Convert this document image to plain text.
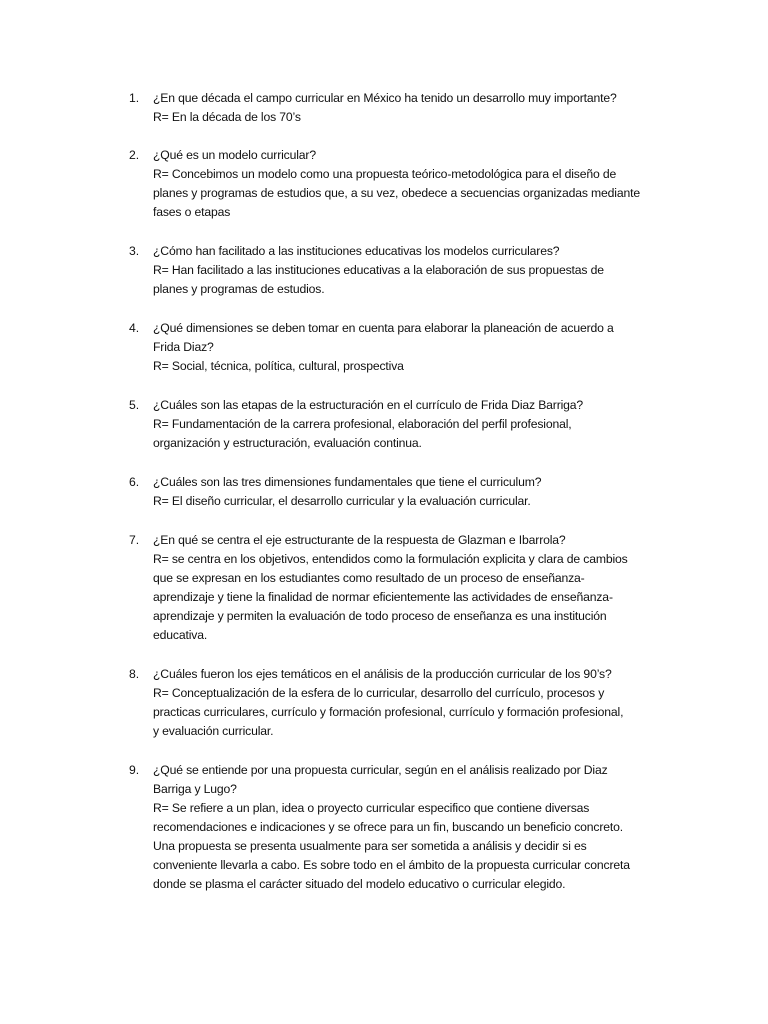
1.	¿En que década el campo curricular en México ha tenido un desarrollo muy importante?
R= En la década de los 70’s
2.	¿Qué es un modelo curricular?
R= Concebimos un modelo como una propuesta teórico-metodológica para el diseño de
planes y programas de estudios que, a su vez, obedece a secuencias organizadas mediante
fases o etapas
3.	¿Cómo han facilitado a las instituciones educativas los modelos curriculares?
R= Han facilitado a las instituciones educativas a la elaboración de sus propuestas de
planes y programas de estudios.
4.	¿Qué dimensiones se deben tomar en cuenta para elaborar la planeación de acuerdo a
Frida Diaz?
R= Social, técnica, política, cultural, prospectiva
5.	¿Cuáles son las etapas de la estructuración en el currículo de Frida Diaz Barriga?
R= Fundamentación de la carrera profesional, elaboración del perfil profesional,
organización y estructuración, evaluación continua.
6.	¿Cuáles son las tres dimensiones fundamentales que tiene el curriculum?
R= El diseño curricular, el desarrollo curricular y la evaluación curricular.
7.	¿En qué se centra el eje estructurante de la respuesta de Glazman e Ibarrola?
R= se centra en los objetivos, entendidos como la formulación explicita y clara de cambios
que se expresan en los estudiantes como resultado de un proceso de enseñanza-
aprendizaje y tiene la finalidad de normar eficientemente las actividades de enseñanza-
aprendizaje y permiten la evaluación de todo proceso de enseñanza es una institución
educativa.
8.	¿Cuáles fueron los ejes temáticos en el análisis de la producción curricular de los 90’s?
R= Conceptualización de la esfera de lo curricular, desarrollo del currículo, procesos y
practicas curriculares, currículo y formación profesional, currículo y formación profesional,
y evaluación curricular.
9.	¿Qué se entiende por una propuesta curricular, según en el análisis realizado por Diaz
Barriga y Lugo?
R= Se refiere a un plan, idea o proyecto curricular especifico que contiene diversas
recomendaciones e indicaciones y se ofrece para un fin, buscando un beneficio concreto.
Una propuesta se presenta usualmente para ser sometida a análisis y decidir si es
conveniente llevarla a cabo. Es sobre todo en el ámbito de la propuesta curricular concreta
donde se plasma el carácter situado del modelo educativo o curricular elegido.
